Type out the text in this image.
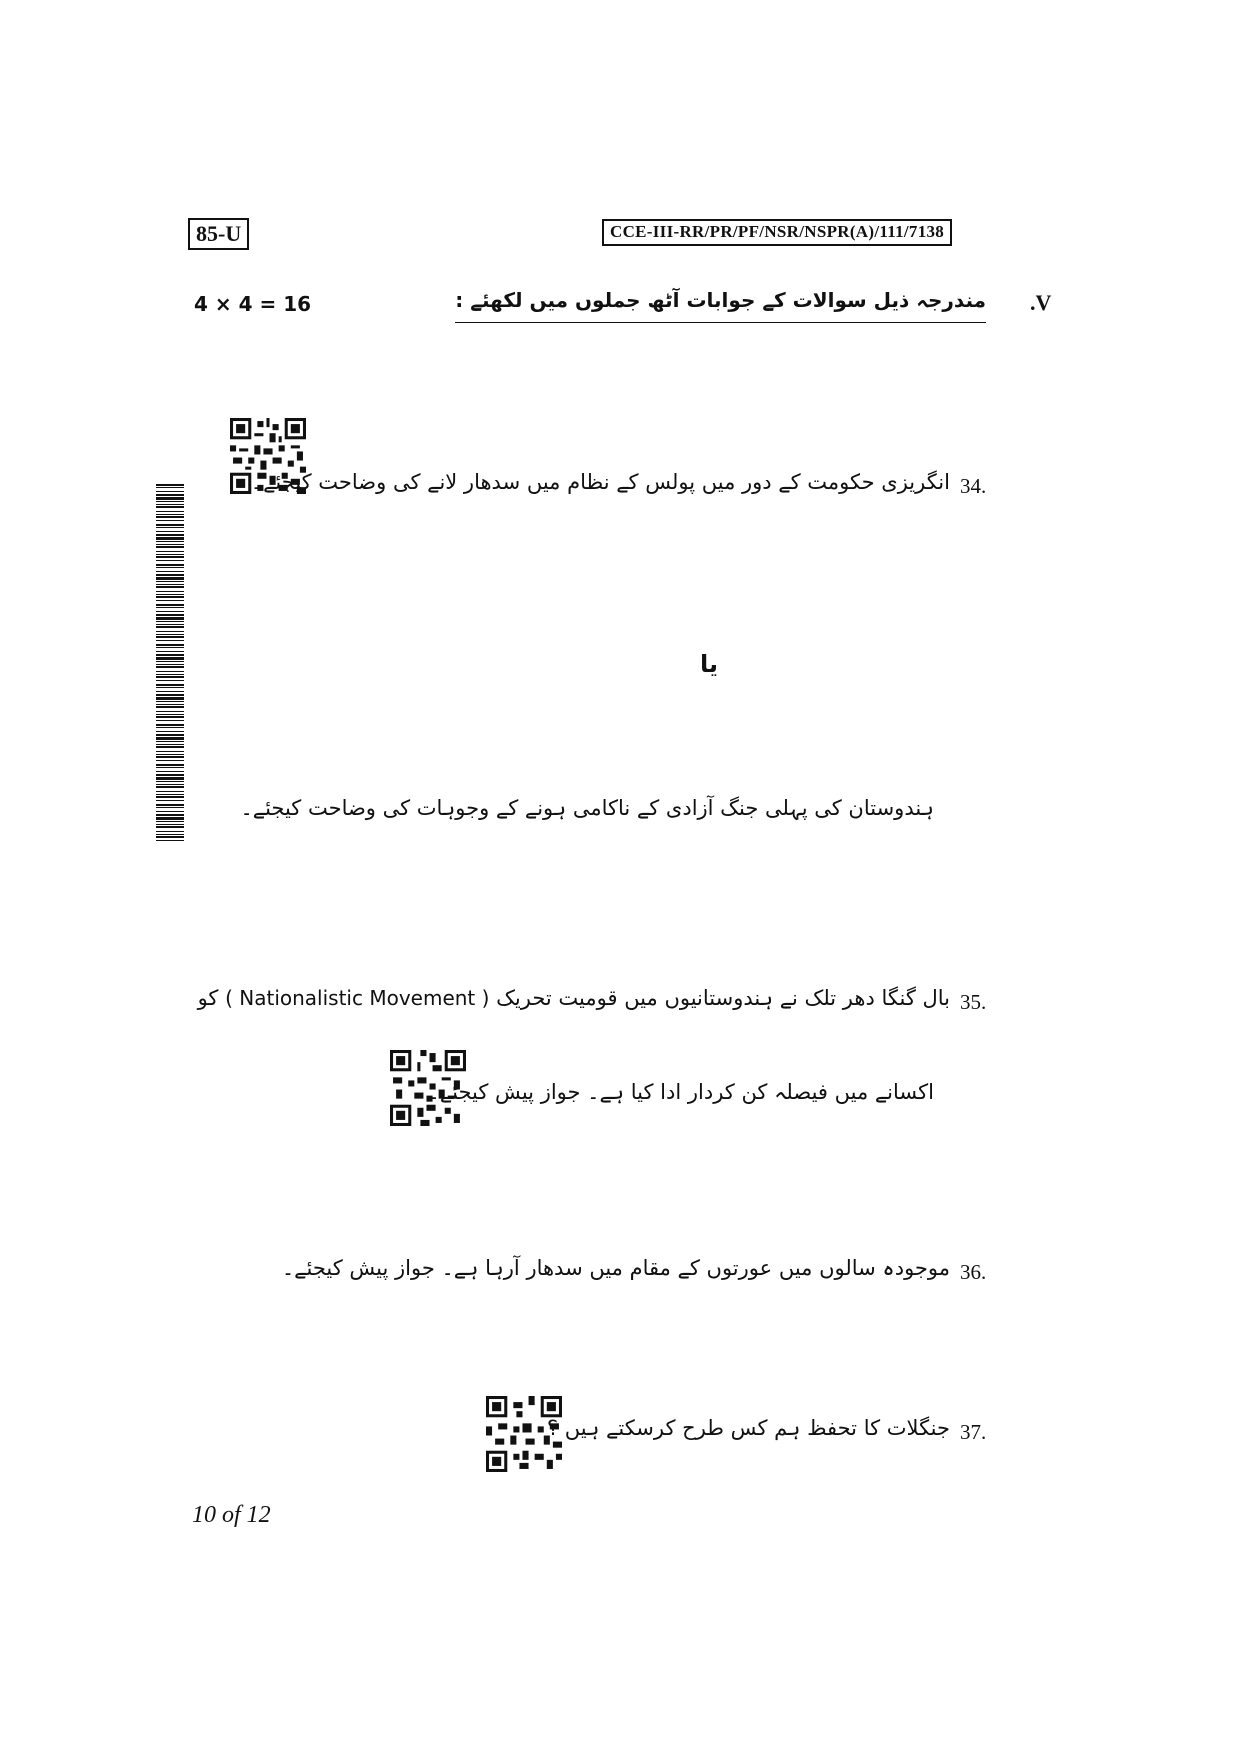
85-U	CCE-III-RR/PR/PF/NSR/NSPR(A)/111/7138
4 × 4 = 16	.V
مندرجہ ذیل سوالات کے جوابات آٹھ جملوں میں لکھئے :
34.
انگریزی حکومت کے دور میں پولس کے نظام میں سدھار لانے کی وضاحت کیجئے۔
یا
ہندوستان کی پہلی جنگ آزادی کے ناکامی ہونے کے وجوہات کی وضاحت کیجئے۔
35.
بال گنگا دھر تلک نے ہندوستانیوں میں قومیت تحریک ( Nationalistic Movement ) کو
اکسانے میں فیصلہ کن کردار ادا کیا ہے۔ جواز پیش کیجئے۔
36.
موجودہ سالوں میں عورتوں کے مقام میں سدھار آرہا ہے۔ جواز پیش کیجئے۔
37.
جنگلات کا تحفظ ہم کس طرح کرسکتے ہیں ؟
10 of 12
